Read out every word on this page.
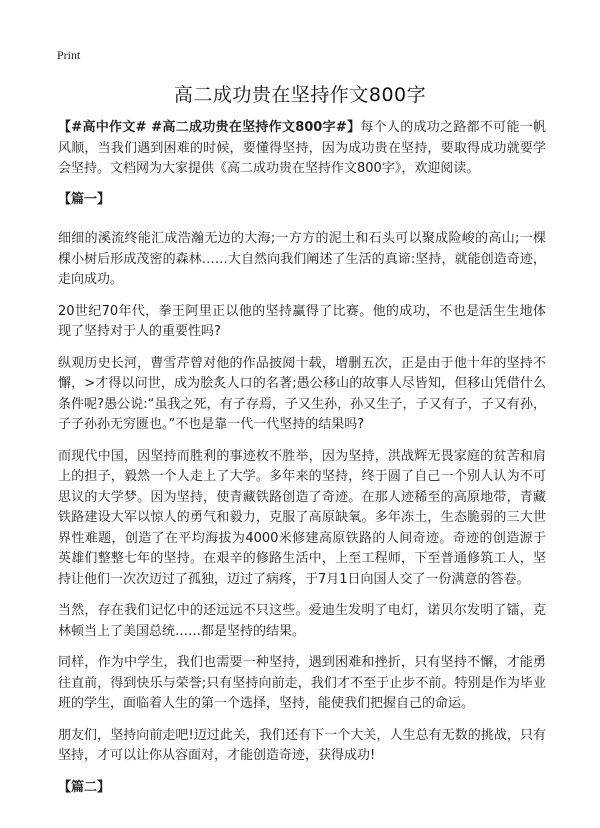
Print
高二成功贵在坚持作文800字

【#高中作文# #高二成功贵在坚持作文800字#】每个人的成功之路都不可能一帆风顺，当我们遇到困难的时候，要懂得坚持，因为成功贵在坚持，要取得成功就要学会坚持。文档网为大家提供《高二成功贵在坚持作文800字》，欢迎阅读。

【篇一】

细细的溪流终能汇成浩瀚无边的大海;一方方的泥土和石头可以聚成险峻的高山;一棵棵小树后形成茂密的森林……大自然向我们阐述了生活的真谛:坚持，就能创造奇迹，走向成功。

20世纪70年代，拳王阿里正以他的坚持赢得了比赛。他的成功，不也是活生生地体现了坚持对于人的重要性吗?

纵观历史长河，曹雪芹曾对他的作品披阅十载，增删五次，正是由于他十年的坚持不懈，>才得以问世，成为脍炙人口的名著;愚公移山的故事人尽皆知，但移山凭借什么条件呢?愚公说:“虽我之死，有子存焉，子又生孙，孙又生子，子又有子，子又有孙，子子孙孙无穷匮也。”不也是靠一代一代坚持的结果吗?

而现代中国，因坚持而胜利的事迹枚不胜举，因为坚持，洪战辉无畏家庭的贫苦和肩上的担子，毅然一个人走上了大学。多年来的坚持，终于圆了自己一个别人认为不可思议的大学梦。因为坚持，使青藏铁路创造了奇迹。在那人迹稀至的高原地带，青藏铁路建设大军以惊人的勇气和毅力，克服了高原缺氧。多年冻土，生态脆弱的三大世界性难题，创造了在平均海拔为4000米修建高原铁路的人间奇迹。奇迹的创造源于英雄们整整七年的坚持。在艰辛的修路生活中，上至工程师，下至普通修筑工人，坚持让他们一次次迈过了孤独，迈过了病疼，于7月1日向国人交了一份满意的答卷。

当然，存在我们记忆中的还远远不只这些。爱迪生发明了电灯，诺贝尔发明了镭，克林顿当上了美国总统……都是坚持的结果。

同样，作为中学生，我们也需要一种坚持，遇到困难和挫折，只有坚持不懈，才能勇往直前，得到快乐与荣誉;只有坚持向前走，我们才不至于止步不前。特别是作为毕业班的学生，面临着人生的第一个选择，坚持，能使我们把握自己的命运。

朋友们，坚持向前走吧!迈过此关，我们还有下一个大关，人生总有无数的挑战，只有坚持，才可以让你从容面对，才能创造奇迹，获得成功!

【篇二】
